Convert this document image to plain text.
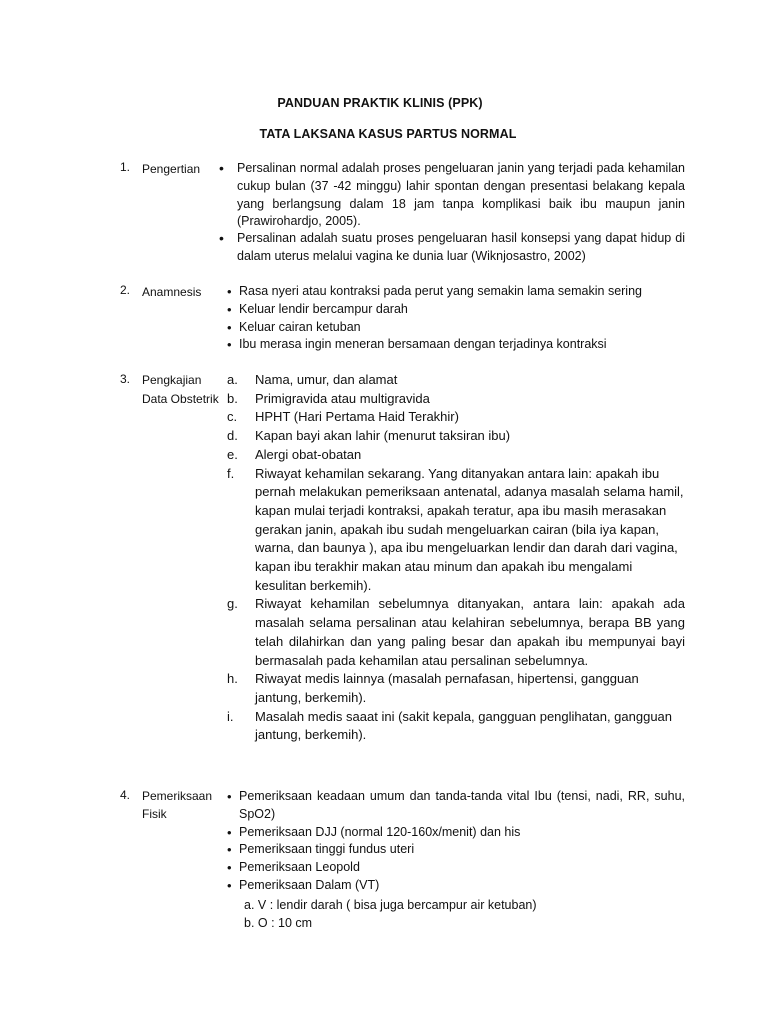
PANDUAN PRAKTIK KLINIS (PPK)
TATA LAKSANA KASUS PARTUS NORMAL
1. Pengertian	•	Persalinan normal adalah proses pengeluaran janin yang terjadi pada kehamilan cukup bulan (37 -42 minggu) lahir spontan dengan presentasi belakang kepala yang berlangsung dalam 18 jam tanpa komplikasi baik ibu maupun janin (Prawirohardjo, 2005).
•	Persalinan adalah suatu proses pengeluaran hasil konsepsi yang dapat hidup di dalam uterus melalui vagina ke dunia luar (Wiknjosastro, 2002)
2. Anamnesis
•	Rasa nyeri atau kontraksi pada perut yang semakin lama semakin sering
• Keluar lendir bercampur darah
• Keluar cairan ketuban
• Ibu merasa ingin meneran bersamaan dengan terjadinya kontraksi
3. Pengkajian Data Obstetrik
a. Nama, umur, dan alamat
b. Primigravida atau multigravida
c. HPHT (Hari Pertama Haid Terakhir)
d. Kapan bayi akan lahir (menurut taksiran ibu)
e. Alergi obat-obatan
f. Riwayat kehamilan sekarang. Yang ditanyakan antara lain: apakah ibu pernah melakukan pemeriksaan antenatal, adanya masalah selama hamil, kapan mulai terjadi kontraksi, apakah teratur, apa ibu masih merasakan gerakan janin, apakah ibu sudah mengeluarkan cairan (bila iya kapan, warna, dan baunya ), apa ibu mengeluarkan lendir dan darah dari vagina, kapan ibu terakhir makan atau minum dan apakah ibu mengalami kesulitan berkemih).
g. Riwayat kehamilan sebelumnya ditanyakan, antara lain: apakah ada masalah selama persalinan atau kelahiran sebelumnya, berapa BB yang telah dilahirkan dan yang paling besar dan apakah ibu mempunyai bayi bermasalah pada kehamilan atau persalinan sebelumnya.
h. Riwayat medis lainnya (masalah pernafasan, hipertensi, gangguan jantung, berkemih).
i. Masalah medis saaat ini (sakit kepala, gangguan penglihatan, gangguan jantung, berkemih).
4. Pemeriksaan Fisik
• Pemeriksaan keadaan umum dan tanda-tanda vital Ibu (tensi, nadi, RR, suhu, SpO2)
• Pemeriksaan DJJ (normal 120-160x/menit) dan his
• Pemeriksaan tinggi fundus uteri
• Pemeriksaan Leopold
• Pemeriksaan Dalam (VT)
a. V : lendir darah ( bisa juga bercampur air ketuban)
b. O : 10 cm
